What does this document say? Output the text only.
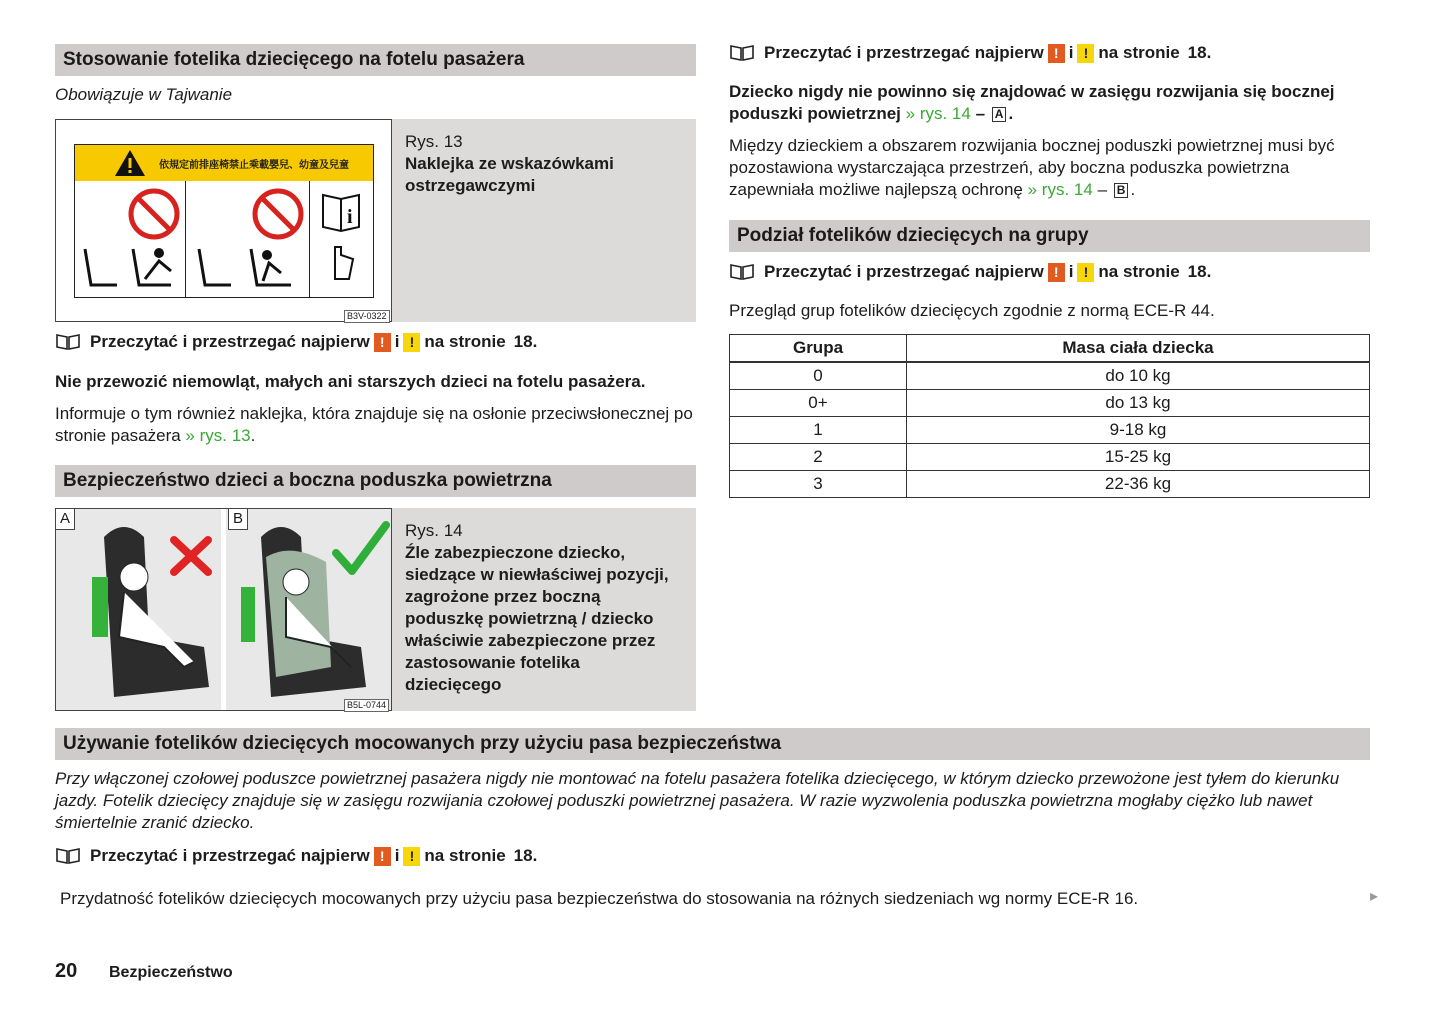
Stosowanie fotelika dziecięcego na fotelu pasażera
Obowiązuje w Tajwanie
依規定前排座椅禁止乘載嬰兒、幼童及兒童
i
B3V-0322
Rys. 13
Naklejka ze wskazówkami ostrzegawczymi
Przeczytać i przestrzegać najpierw ! i ! na stronie 18.
Nie przewozić niemowląt, małych ani starszych dzieci na fotelu pasażera.
Informuje o tym również naklejka, która znajduje się na osłonie przeciwsłonecznej po stronie pasażera » rys. 13.
Bezpieczeństwo dzieci a boczna poduszka powietrzna
A	B
B5L-0744
Rys. 14
Źle zabezpieczone dziecko, siedzące w niewłaściwej pozycji, zagrożone przez boczną poduszkę powietrzną / dziecko właściwie zabezpieczone przez zastosowanie fotelika dziecięcego
Przeczytać i przestrzegać najpierw ! i ! na stronie 18.
Dziecko nigdy nie powinno się znajdować w zasięgu rozwijania się bocznej poduszki powietrznej » rys. 14 – A .
Między dzieckiem a obszarem rozwijania bocznej poduszki powietrznej musi być pozostawiona wystarczająca przestrzeń, aby boczna poduszka powietrzna zapewniała możliwe najlepszą ochronę » rys. 14 – B .
Podział fotelików dziecięcych na grupy
Przeczytać i przestrzegać najpierw ! i ! na stronie 18.
Przegląd grup fotelików dziecięcych zgodnie z normą ECE-R 44.
Grupa	Masa ciała dziecka
0	do 10 kg
0+	do 13 kg
1	9-18 kg
2	15-25 kg
3	22-36 kg
Używanie fotelików dziecięcych mocowanych przy użyciu pasa bezpieczeństwa
Przy włączonej czołowej poduszce powietrznej pasażera nigdy nie montować na fotelu pasażera fotelika dziecięcego, w którym dziecko przewożone jest tyłem do kierunku jazdy. Fotelik dziecięcy znajduje się w zasięgu rozwijania czołowej poduszki powietrznej pasażera. W razie wyzwolenia poduszka powietrzna mogłaby ciężko lub nawet śmiertelnie zranić dziecko.
Przeczytać i przestrzegać najpierw ! i ! na stronie 18.
Przydatność fotelików dziecięcych mocowanych przy użyciu pasa bezpieczeństwa do stosowania na różnych siedzeniach wg normy ECE-R 16.	▸
20 Bezpieczeństwo
